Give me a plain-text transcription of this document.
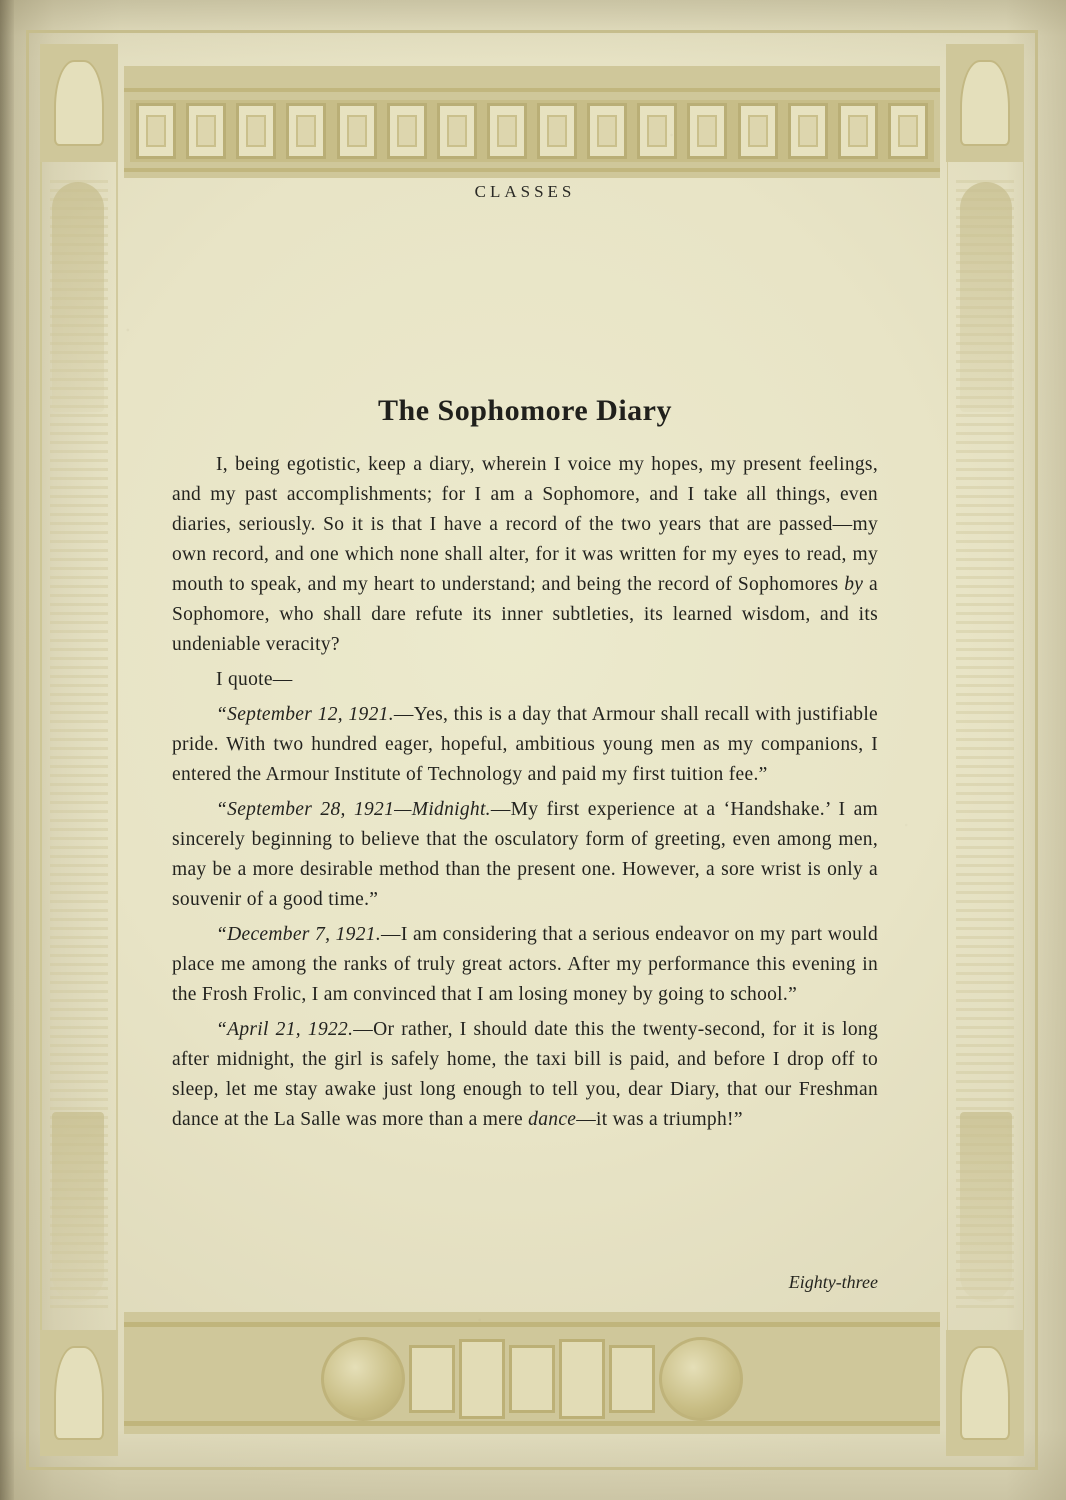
CLASSES
The Sophomore Diary

I, being egotistic, keep a diary, wherein I voice my hopes, my present feelings, and my past accomplishments; for I am a Sophomore, and I take all things, even diaries, seriously. So it is that I have a record of the two years that are passed—my own record, and one which none shall alter, for it was written for my eyes to read, my mouth to speak, and my heart to understand; and being the record of Sophomores by a Sophomore, who shall dare refute its inner subtleties, its learned wisdom, and its undeniable veracity?

I quote—

“September 12, 1921.—Yes, this is a day that Armour shall recall with justifiable pride. With two hundred eager, hopeful, ambitious young men as my companions, I entered the Armour Institute of Technology and paid my first tuition fee.”

“September 28, 1921—Midnight.—My first experience at a ‘Handshake.’ I am sincerely beginning to believe that the osculatory form of greeting, even among men, may be a more desirable method than the present one. However, a sore wrist is only a souvenir of a good time.”

“December 7, 1921.—I am considering that a serious endeavor on my part would place me among the ranks of truly great actors. After my performance this evening in the Frosh Frolic, I am convinced that I am losing money by going to school.”

“April 21, 1922.—Or rather, I should date this the twenty-second, for it is long after midnight, the girl is safely home, the taxi bill is paid, and before I drop off to sleep, let me stay awake just long enough to tell you, dear Diary, that our Freshman dance at the La Salle was more than a mere dance—it was a triumph!”

Eighty-three
